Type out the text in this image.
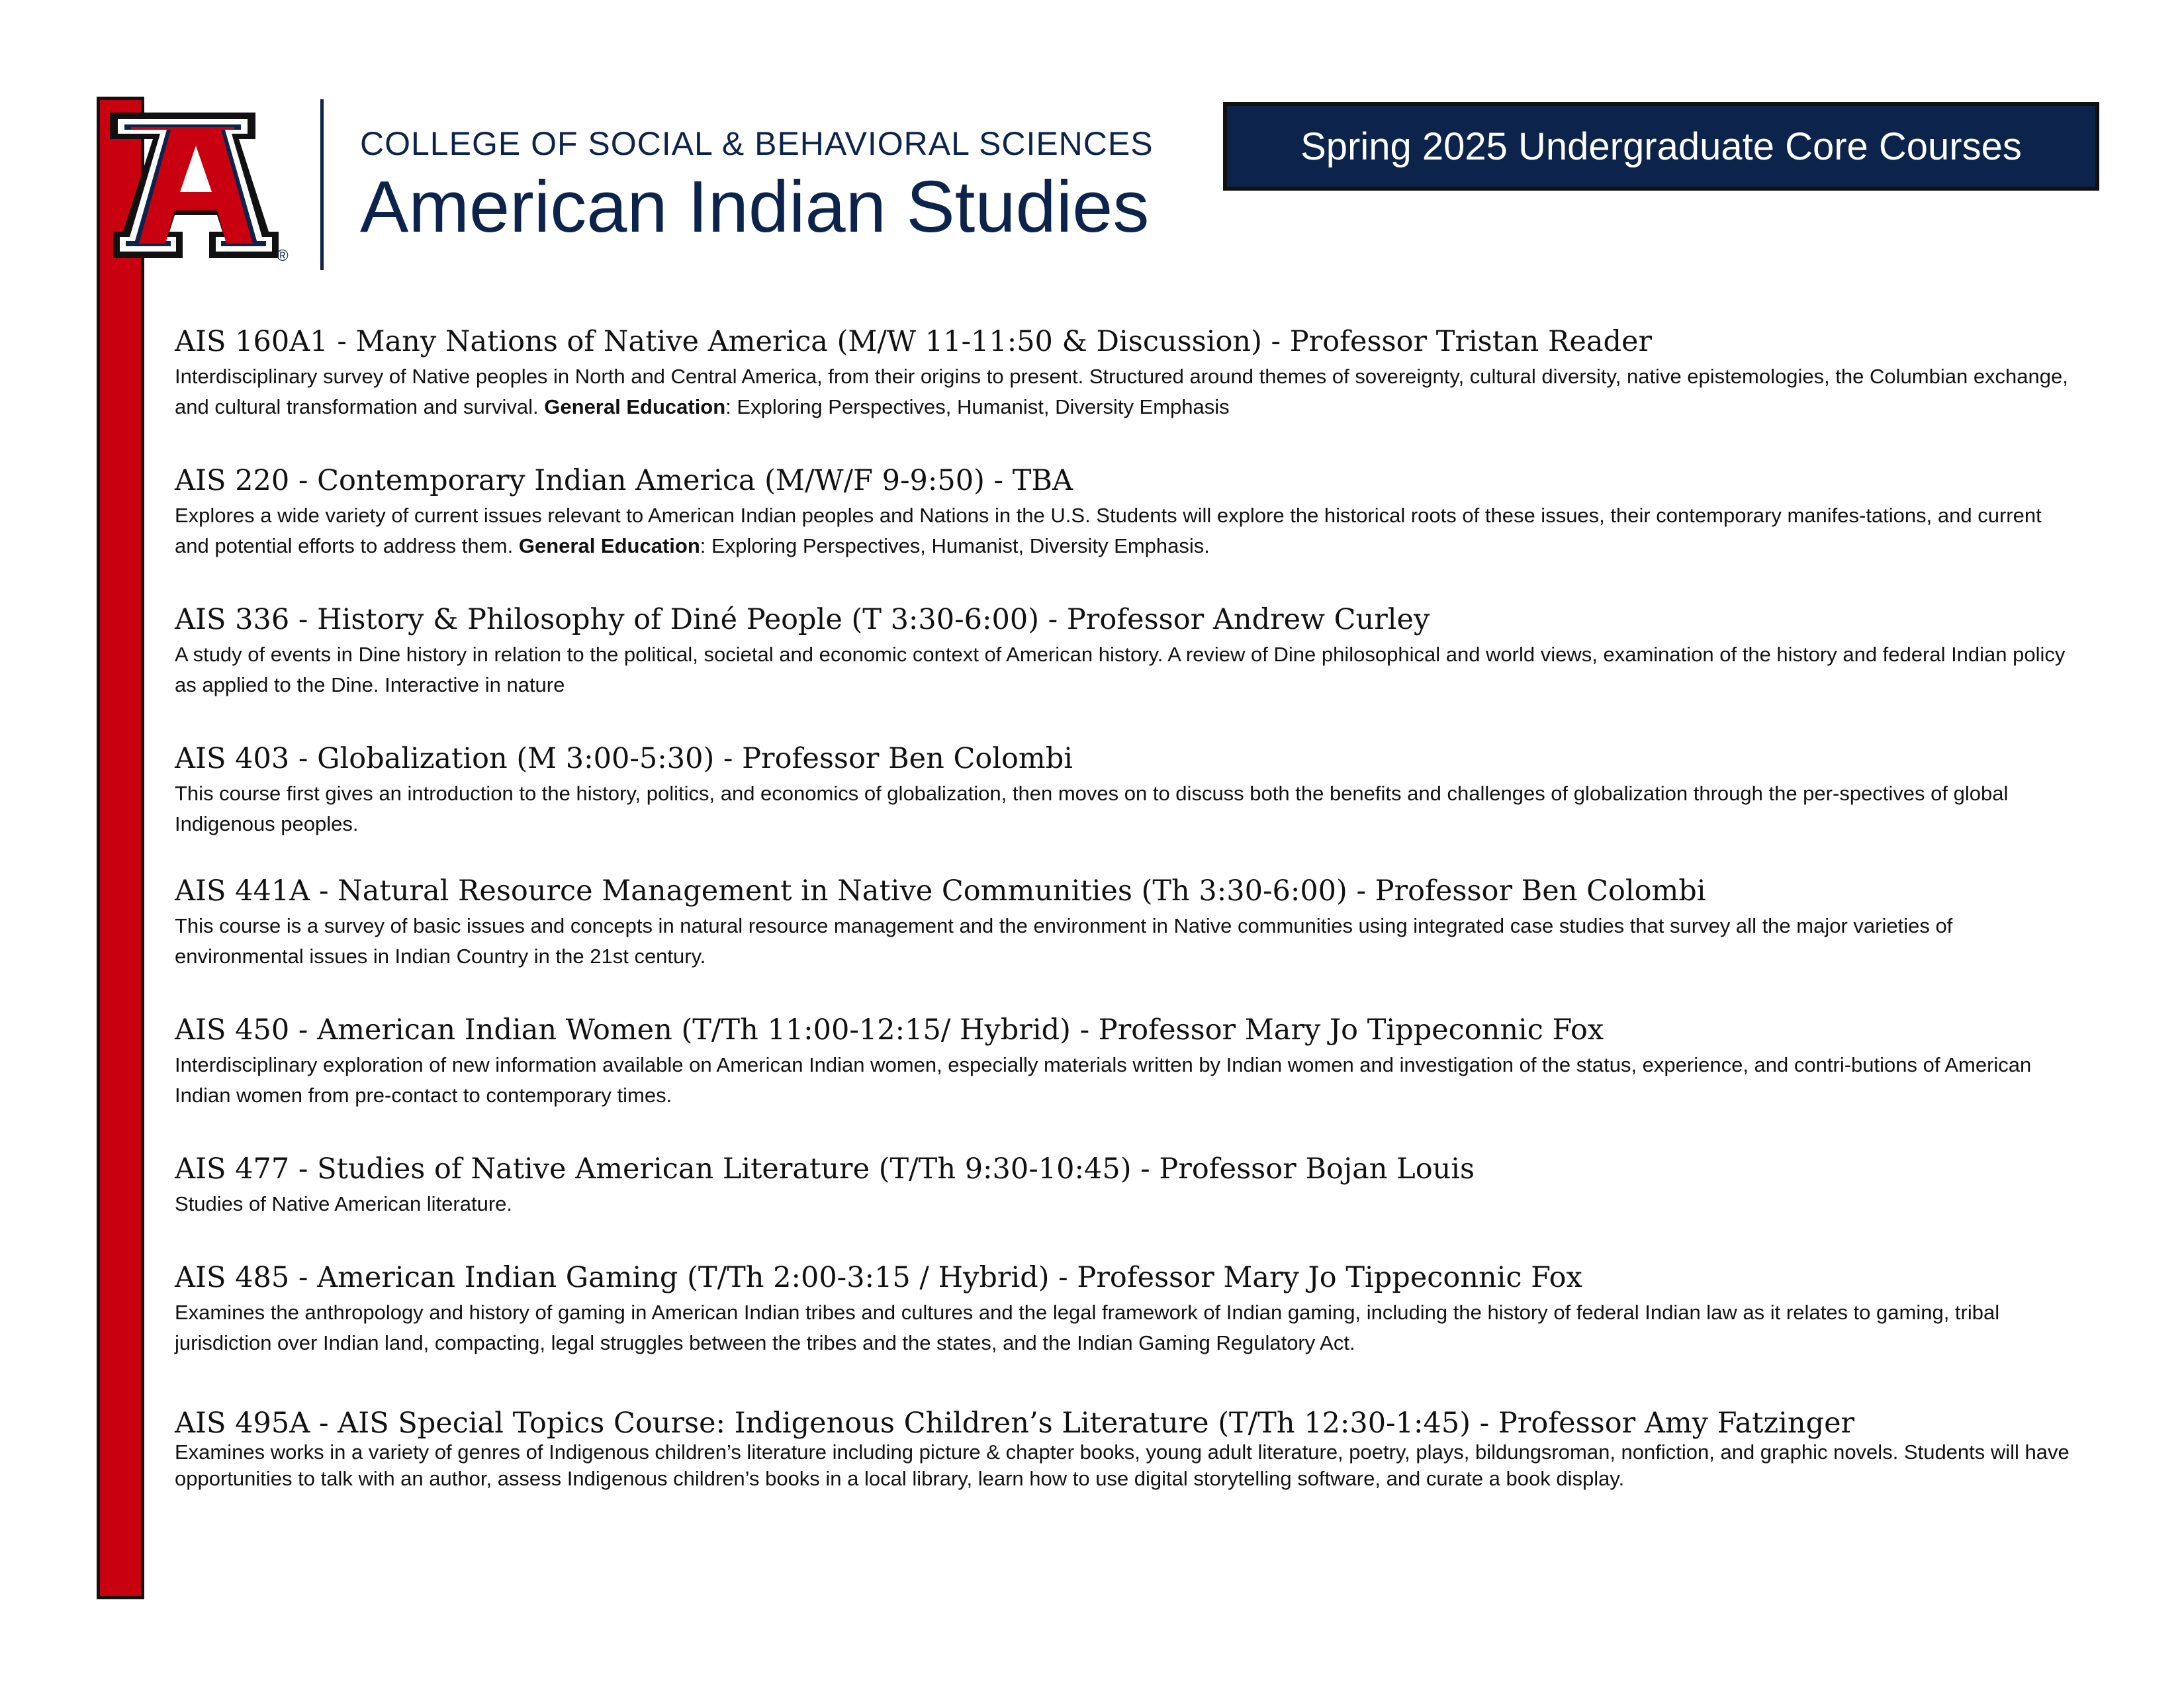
®
COLLEGE OF SOCIAL & BEHAVIORAL SCIENCES
American Indian Studies
Spring 2025 Undergraduate Core Courses
AIS 160A1 - Many Nations of Native America (M/W 11-11:50 & Discussion) - Professor Tristan Reader
Interdisciplinary survey of Native peoples in North and Central America, from their origins to present. Structured around themes of sovereignty, cultural diversity, native epistemologies, the Columbian exchange, and cultural transformation and survival. General Education: Exploring Perspectives, Humanist, Diversity Emphasis
AIS 220 - Contemporary Indian America (M/W/F 9-9:50) - TBA
Explores a wide variety of current issues relevant to American Indian peoples and Nations in the U.S. Students will explore the historical roots of these issues, their contemporary manifes-tations, and current and potential efforts to address them. General Education: Exploring Perspectives, Humanist, Diversity Emphasis.
AIS 336 - History & Philosophy of Diné People (T 3:30-6:00) - Professor Andrew Curley
A study of events in Dine history in relation to the political, societal and economic context of American history. A review of Dine philosophical and world views, examination of the history and federal Indian policy as applied to the Dine. Interactive in nature
AIS 403 - Globalization (M 3:00-5:30) - Professor Ben Colombi
This course first gives an introduction to the history, politics, and economics of globalization, then moves on to discuss both the benefits and challenges of globalization through the per-spectives of global Indigenous peoples.
AIS 441A - Natural Resource Management in Native Communities (Th 3:30-6:00) - Professor Ben Colombi
This course is a survey of basic issues and concepts in natural resource management and the environment in Native communities using integrated case studies that survey all the major varieties of environmental issues in Indian Country in the 21st century.
AIS 450 - American Indian Women (T/Th 11:00-12:15/ Hybrid) - Professor Mary Jo Tippeconnic Fox
Interdisciplinary exploration of new information available on American Indian women, especially materials written by Indian women and investigation of the status, experience, and contri-butions of American Indian women from pre-contact to contemporary times.
AIS 477 - Studies of Native American Literature (T/Th 9:30-10:45) - Professor Bojan Louis
Studies of Native American literature.
AIS 485 - American Indian Gaming (T/Th 2:00-3:15 / Hybrid) - Professor Mary Jo Tippeconnic Fox
Examines the anthropology and history of gaming in American Indian tribes and cultures and the legal framework of Indian gaming, including the history of federal Indian law as it relates to gaming, tribal jurisdiction over Indian land, compacting, legal struggles between the tribes and the states, and the Indian Gaming Regulatory Act.
AIS 495A - AIS Special Topics Course: Indigenous Children’s Literature (T/Th 12:30-1:45) - Professor Amy Fatzinger
Examines works in a variety of genres of Indigenous children’s literature including picture & chapter books, young adult literature, poetry, plays, bildungsroman, nonfiction, and graphic novels. Students will have opportunities to talk with an author, assess Indigenous children’s books in a local library, learn how to use digital storytelling software, and curate a book display.
